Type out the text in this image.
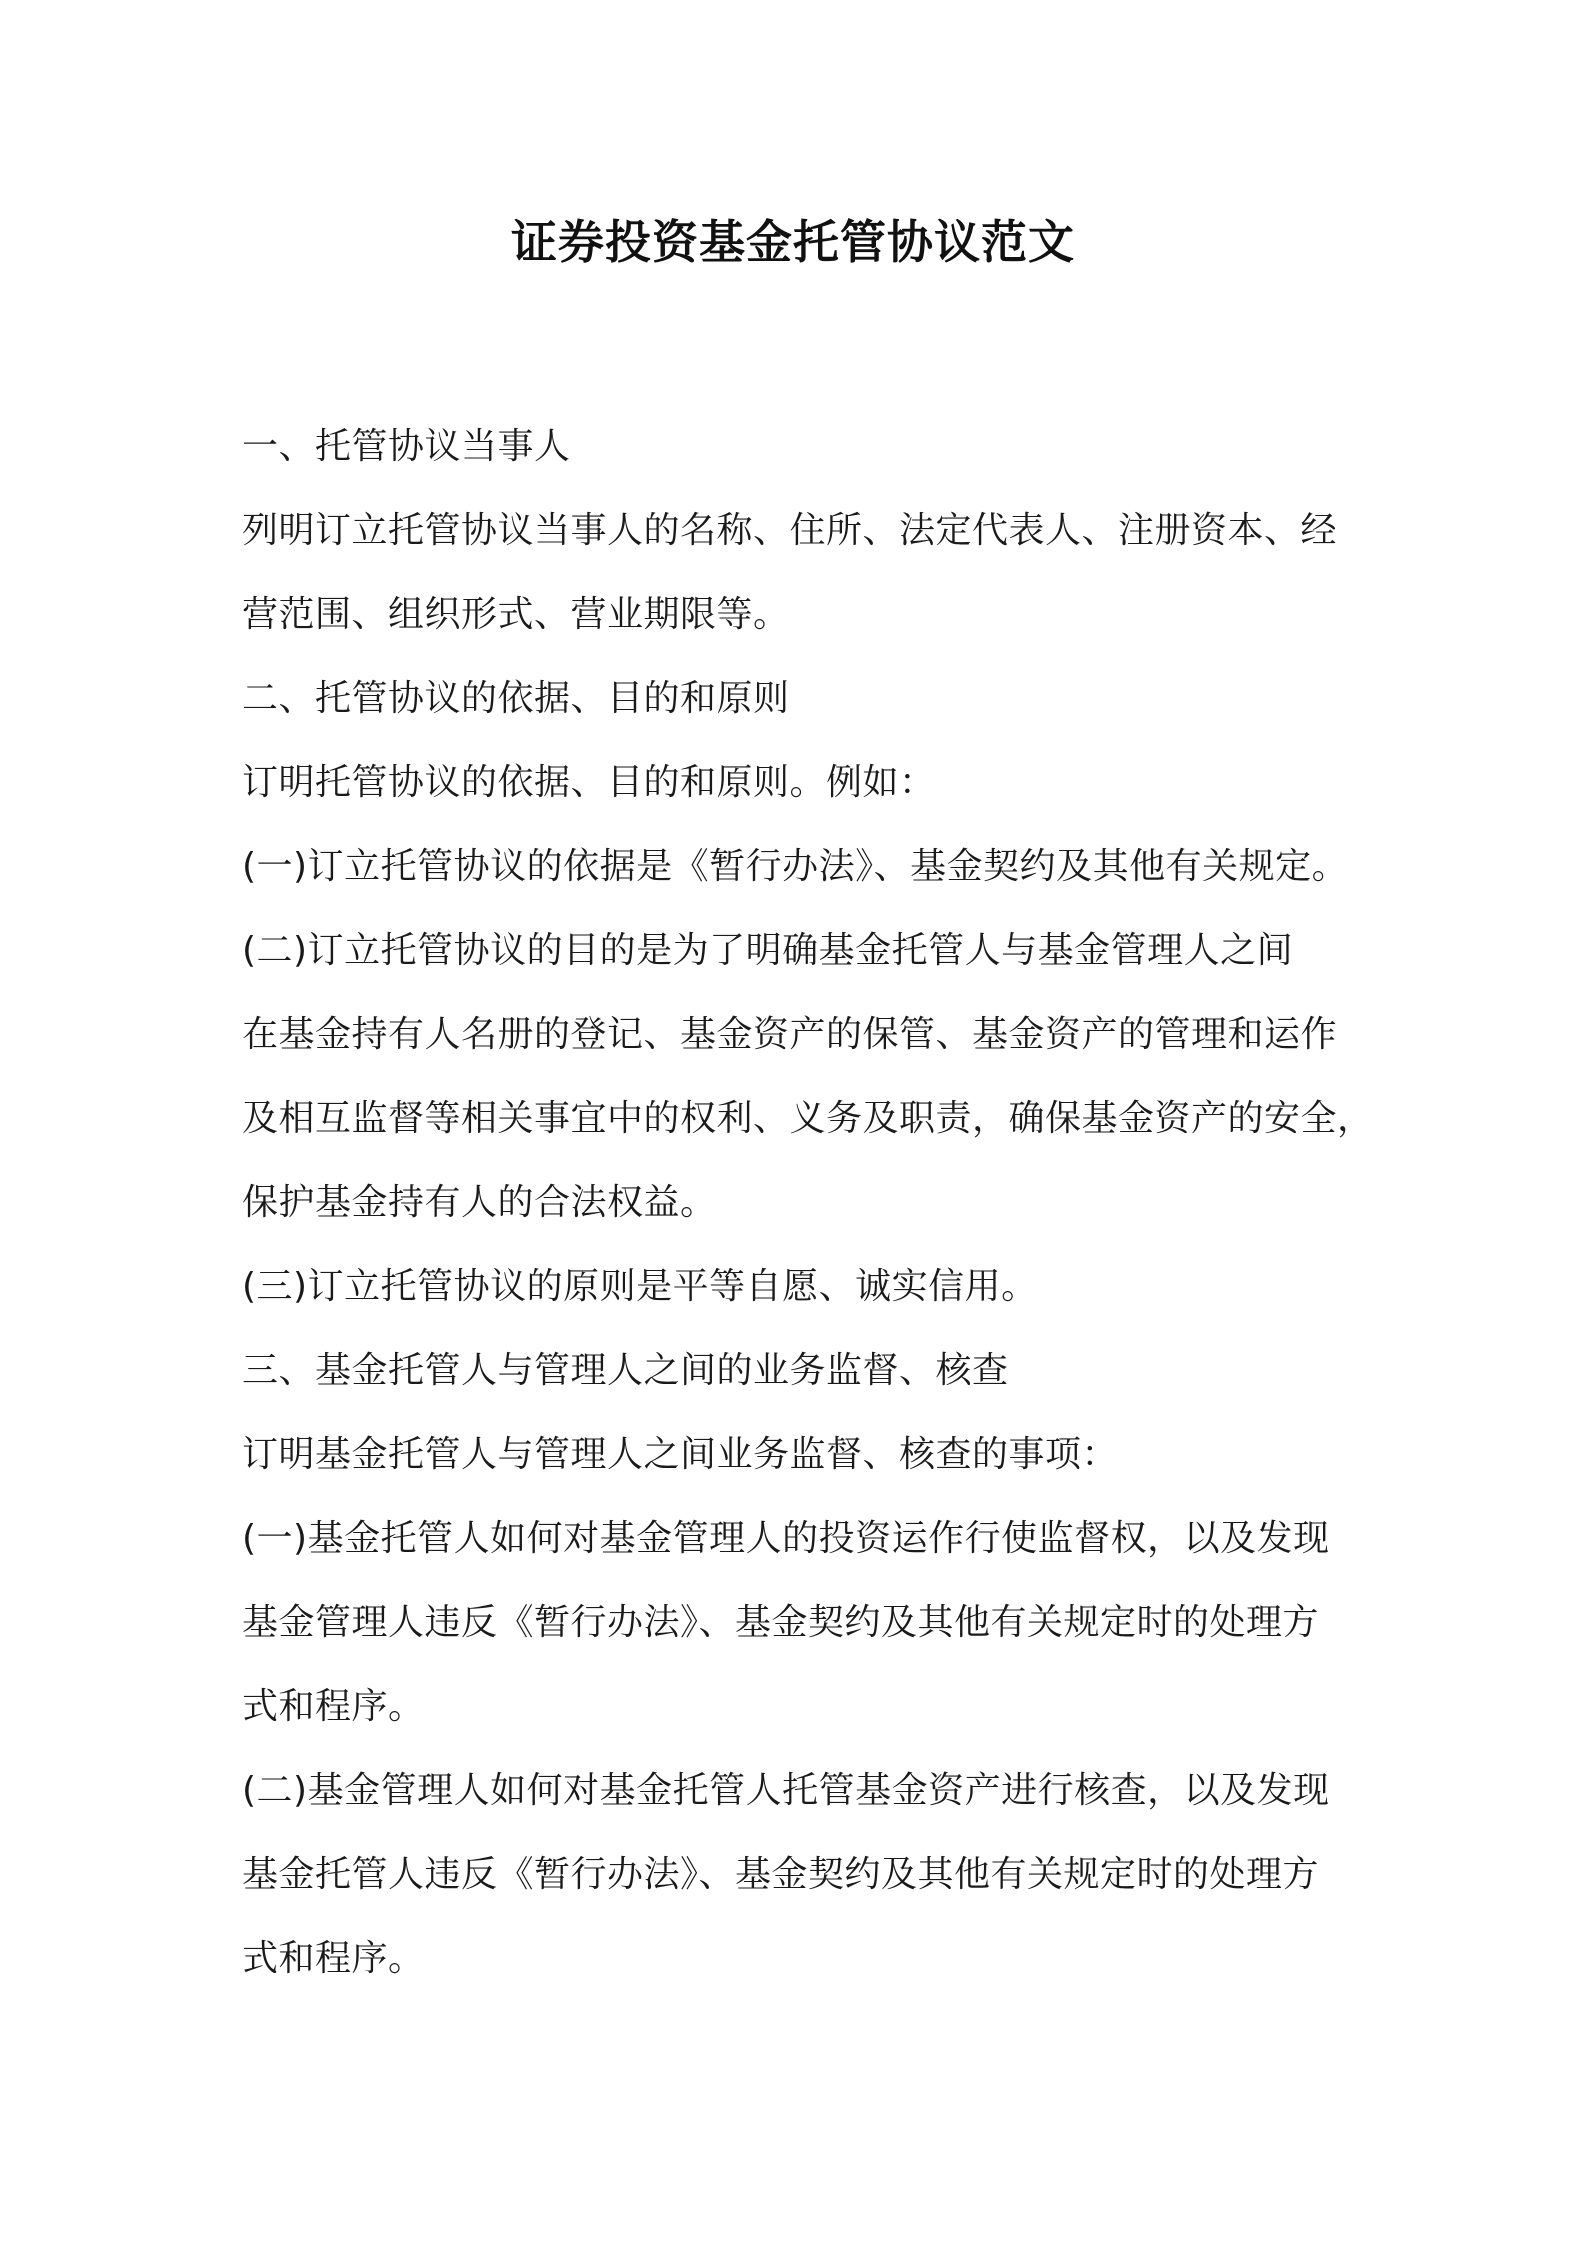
证券投资基金托管协议范文

一、托管协议当事人

列明订立托管协议当事人的名称、住所、法定代表人、注册资本、经

营范围、组织形式、营业期限等。

二、托管协议的依据、目的和原则

订明托管协议的依据、目的和原则。例如：

(一)订立托管协议的依据是《暂行办法》、基金契约及其他有关规定。

(二)订立托管协议的目的是为了明确基金托管人与基金管理人之间

在基金持有人名册的登记、基金资产的保管、基金资产的管理和运作

及相互监督等相关事宜中的权利、义务及职责，确保基金资产的安全，

保护基金持有人的合法权益。

(三)订立托管协议的原则是平等自愿、诚实信用。

三、基金托管人与管理人之间的业务监督、核查

订明基金托管人与管理人之间业务监督、核查的事项：

(一)基金托管人如何对基金管理人的投资运作行使监督权，以及发现

基金管理人违反《暂行办法》、基金契约及其他有关规定时的处理方

式和程序。

(二)基金管理人如何对基金托管人托管基金资产进行核查，以及发现

基金托管人违反《暂行办法》、基金契约及其他有关规定时的处理方

式和程序。
